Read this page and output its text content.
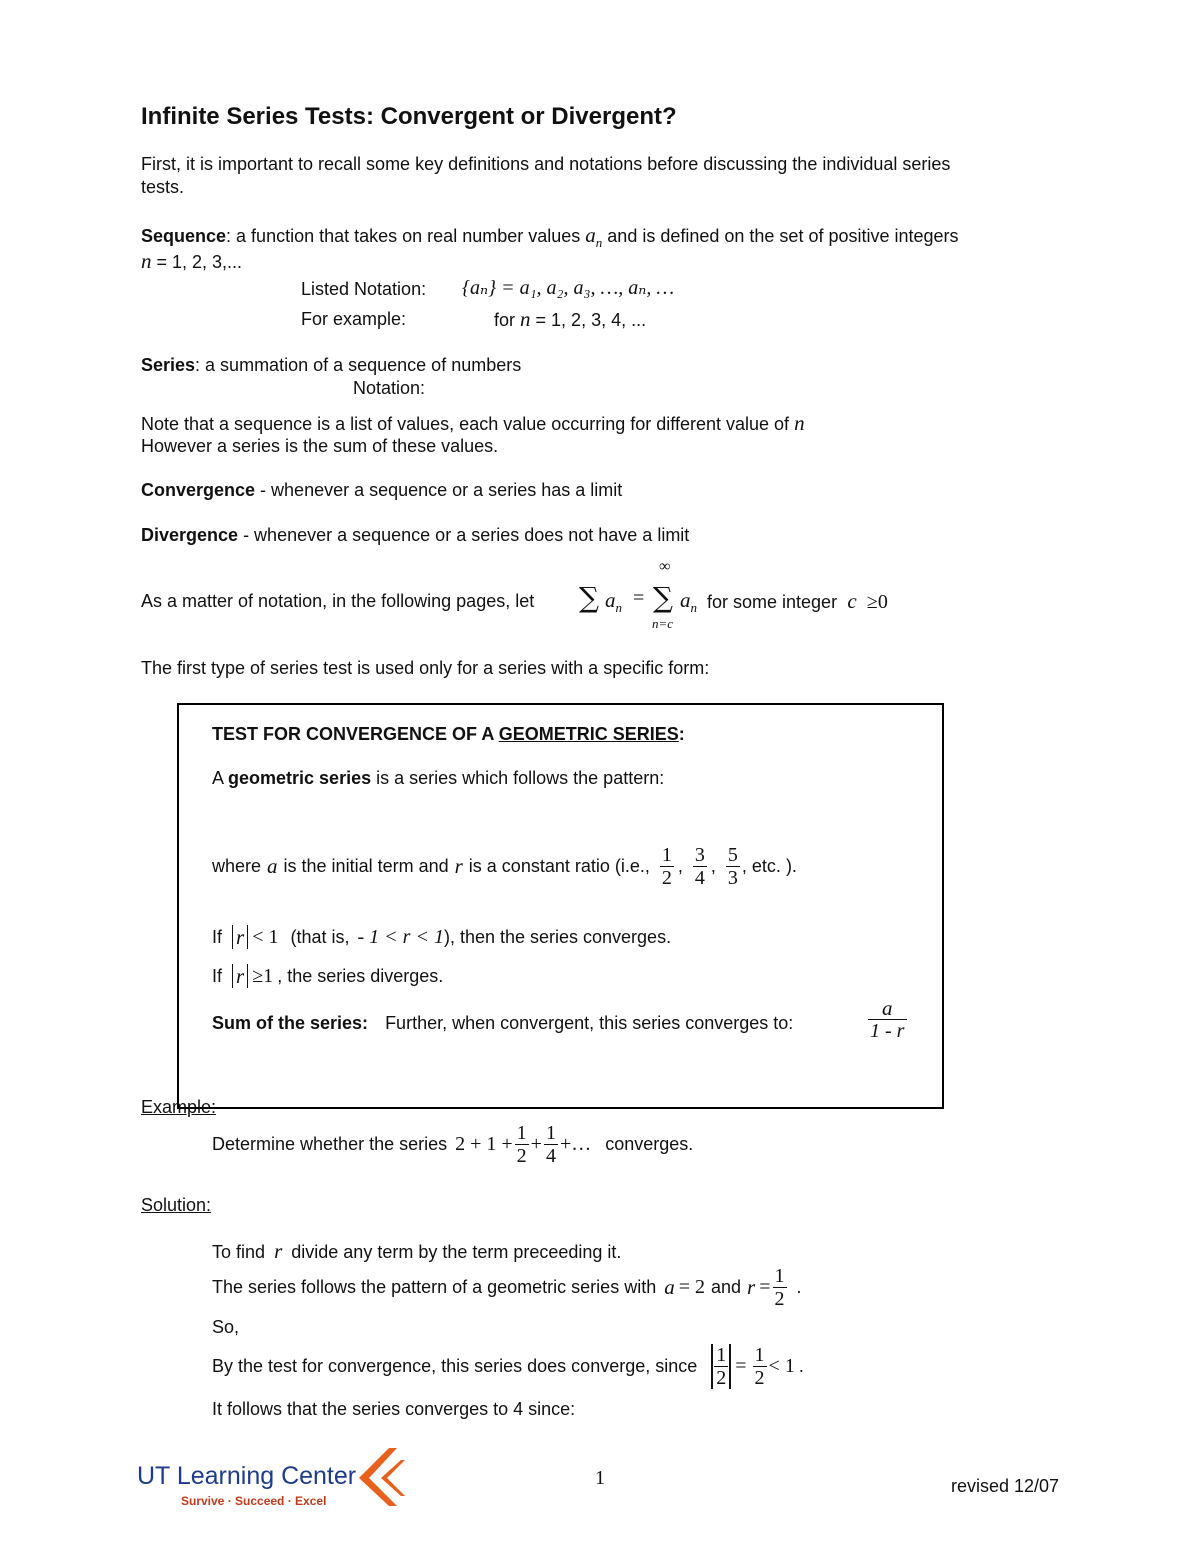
Infinite Series Tests: Convergent or Divergent?
First, it is important to recall some key definitions and notations before discussing the individual series
tests.
Sequence: a function that takes on real number values $a_n$ and is defined on the set of positive integers
n = 1, 2, 3,...
Listed Notation: {aₙ} = a₁, a₂, a₃, …, aₙ, …
For example:	for n = 1, 2, 3, 4, ...
Series: a summation of a sequence of numbers
Notation:
Note that a sequence is a list of values, each value occurring for different value of n
However a series is the sum of these values.
Convergence - whenever a sequence or a series has a limit
Divergence - whenever a sequence or a series does not have a limit
As a matter of notation, in the following pages, let ∑ $a_n$ =
∞
∑
n=c
$a_n$ for some integer  c  ≥0
The first type of series test is used only for a series with a specific form:
TEST FOR CONVERGENCE OF A GEOMETRIC SERIES:
A geometric series is a series which follows the pattern:
where a is the initial term and r is a constant ratio (i.e., $\frac{1}{2}$ , $\frac{3}{4}$ , $\frac{5}{3}$ , etc. ).
If r < 1 (that is, - 1 < r < 1 ), then the series converges.
If r ≥1 , the series diverges.
Sum of the series: Further, when convergent, this series converges to:	$\frac{a}{1 - r}$
Example:
Determine whether the series $2 + 1 + \frac{1}{2} + \frac{1}{4}$ +… converges.
Solution:
To find r divide any term by the term preceeding it.
The series follows the pattern of a geometric series with a = 2 and $r = \frac{1}{2}$ .
So,
By the test for convergence, this series does converge, since $\frac{1}{2} = \frac{1}{2} < 1$ .
It follows that the series converges to 4 since:
UT Learning Center
Survive · Succeed · Excel
1	revised 12/07
